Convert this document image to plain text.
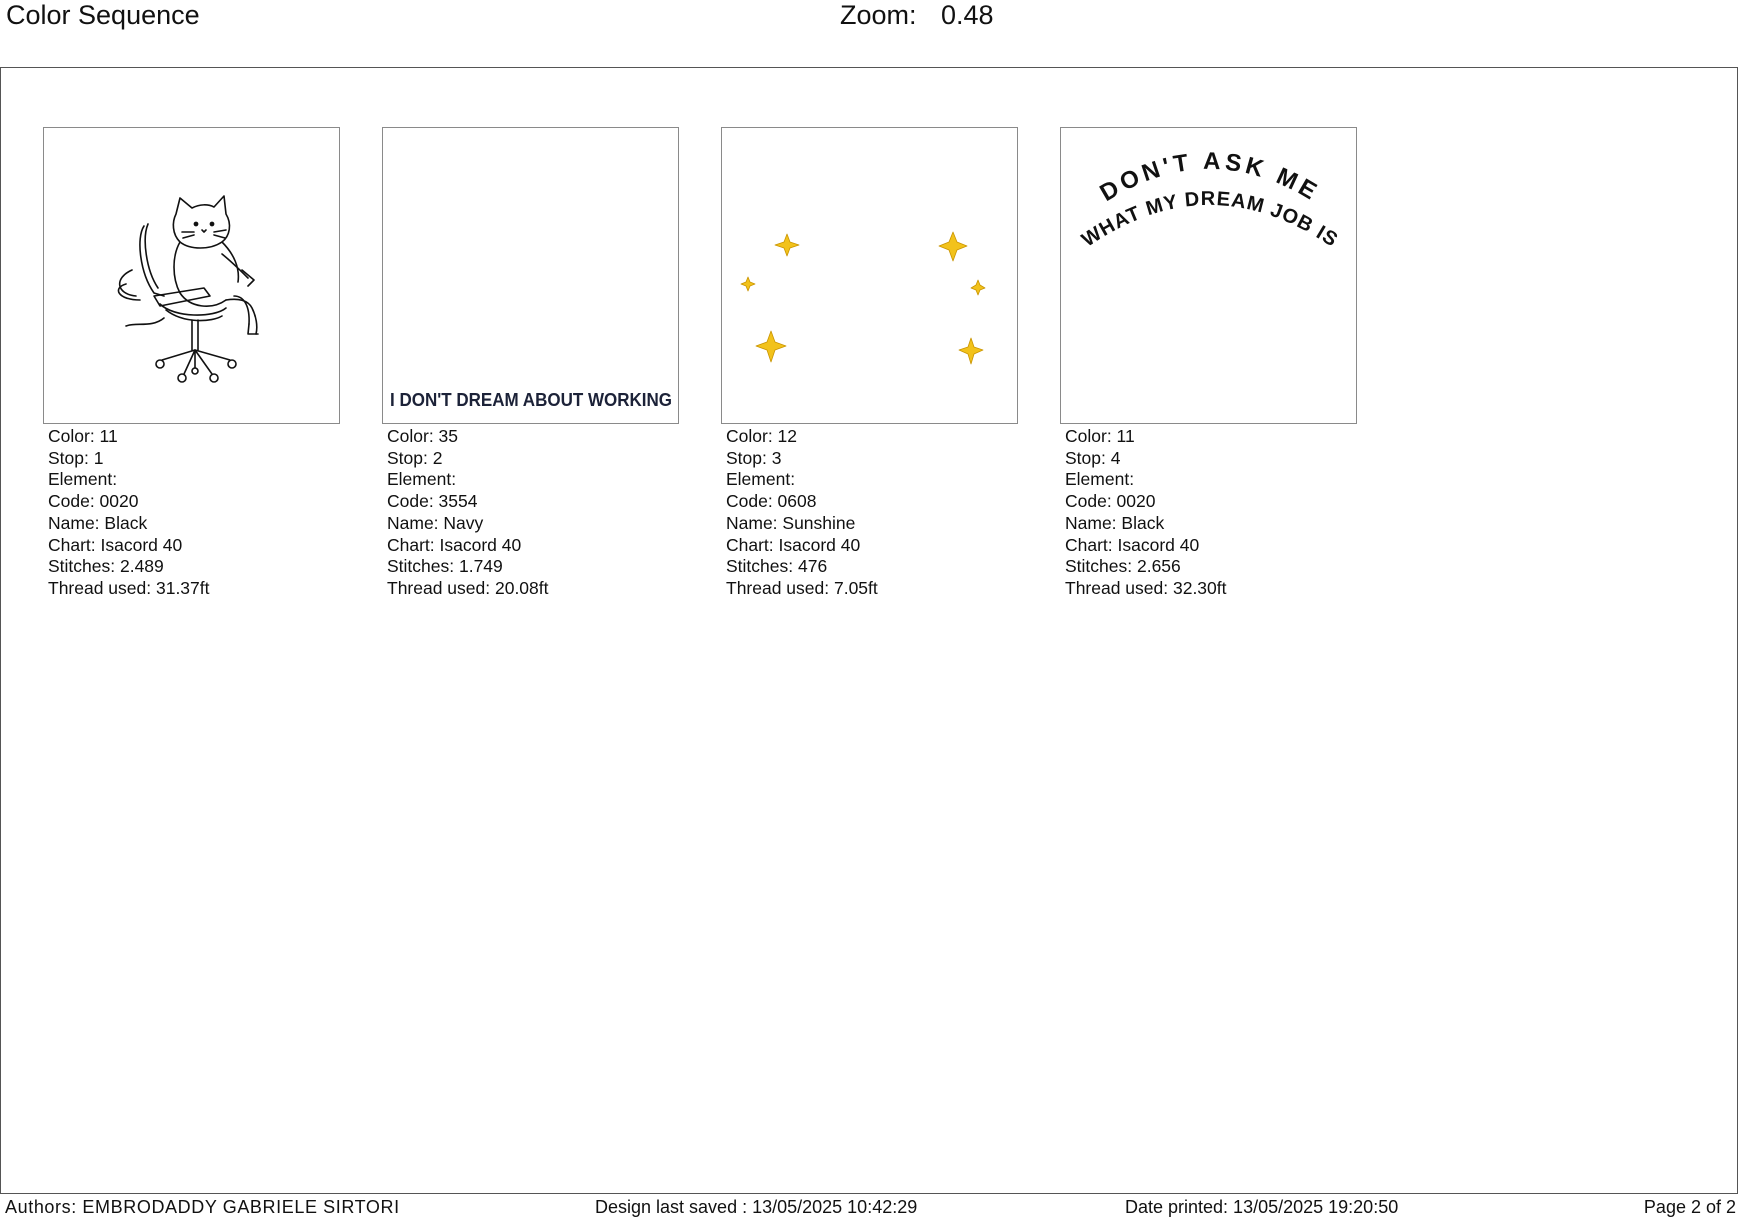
Color Sequence	Zoom: 0.48
Color: 11
Stop: 1
Element:
Code: 0020
Name: Black
Chart: Isacord 40
Stitches: 2.489
Thread used: 31.37ft
I DON'T DREAM ABOUT WORKING
Color: 35
Stop: 2
Element:
Code: 3554
Name: Navy
Chart: Isacord 40
Stitches: 1.749
Thread used: 20.08ft
Color: 12
Stop: 3
Element:
Code: 0608
Name: Sunshine
Chart: Isacord 40
Stitches: 476
Thread used: 7.05ft
DON'T ASK ME
WHAT MY DREAM JOB IS
Color: 11
Stop: 4
Element:
Code: 0020
Name: Black
Chart: Isacord 40
Stitches: 2.656
Thread used: 32.30ft
Authors: EMBRODADDY GABRIELE SIRTORI	Design last saved : 13/05/2025 10:42:29	Date printed: 13/05/2025 19:20:50	Page 2 of 2
